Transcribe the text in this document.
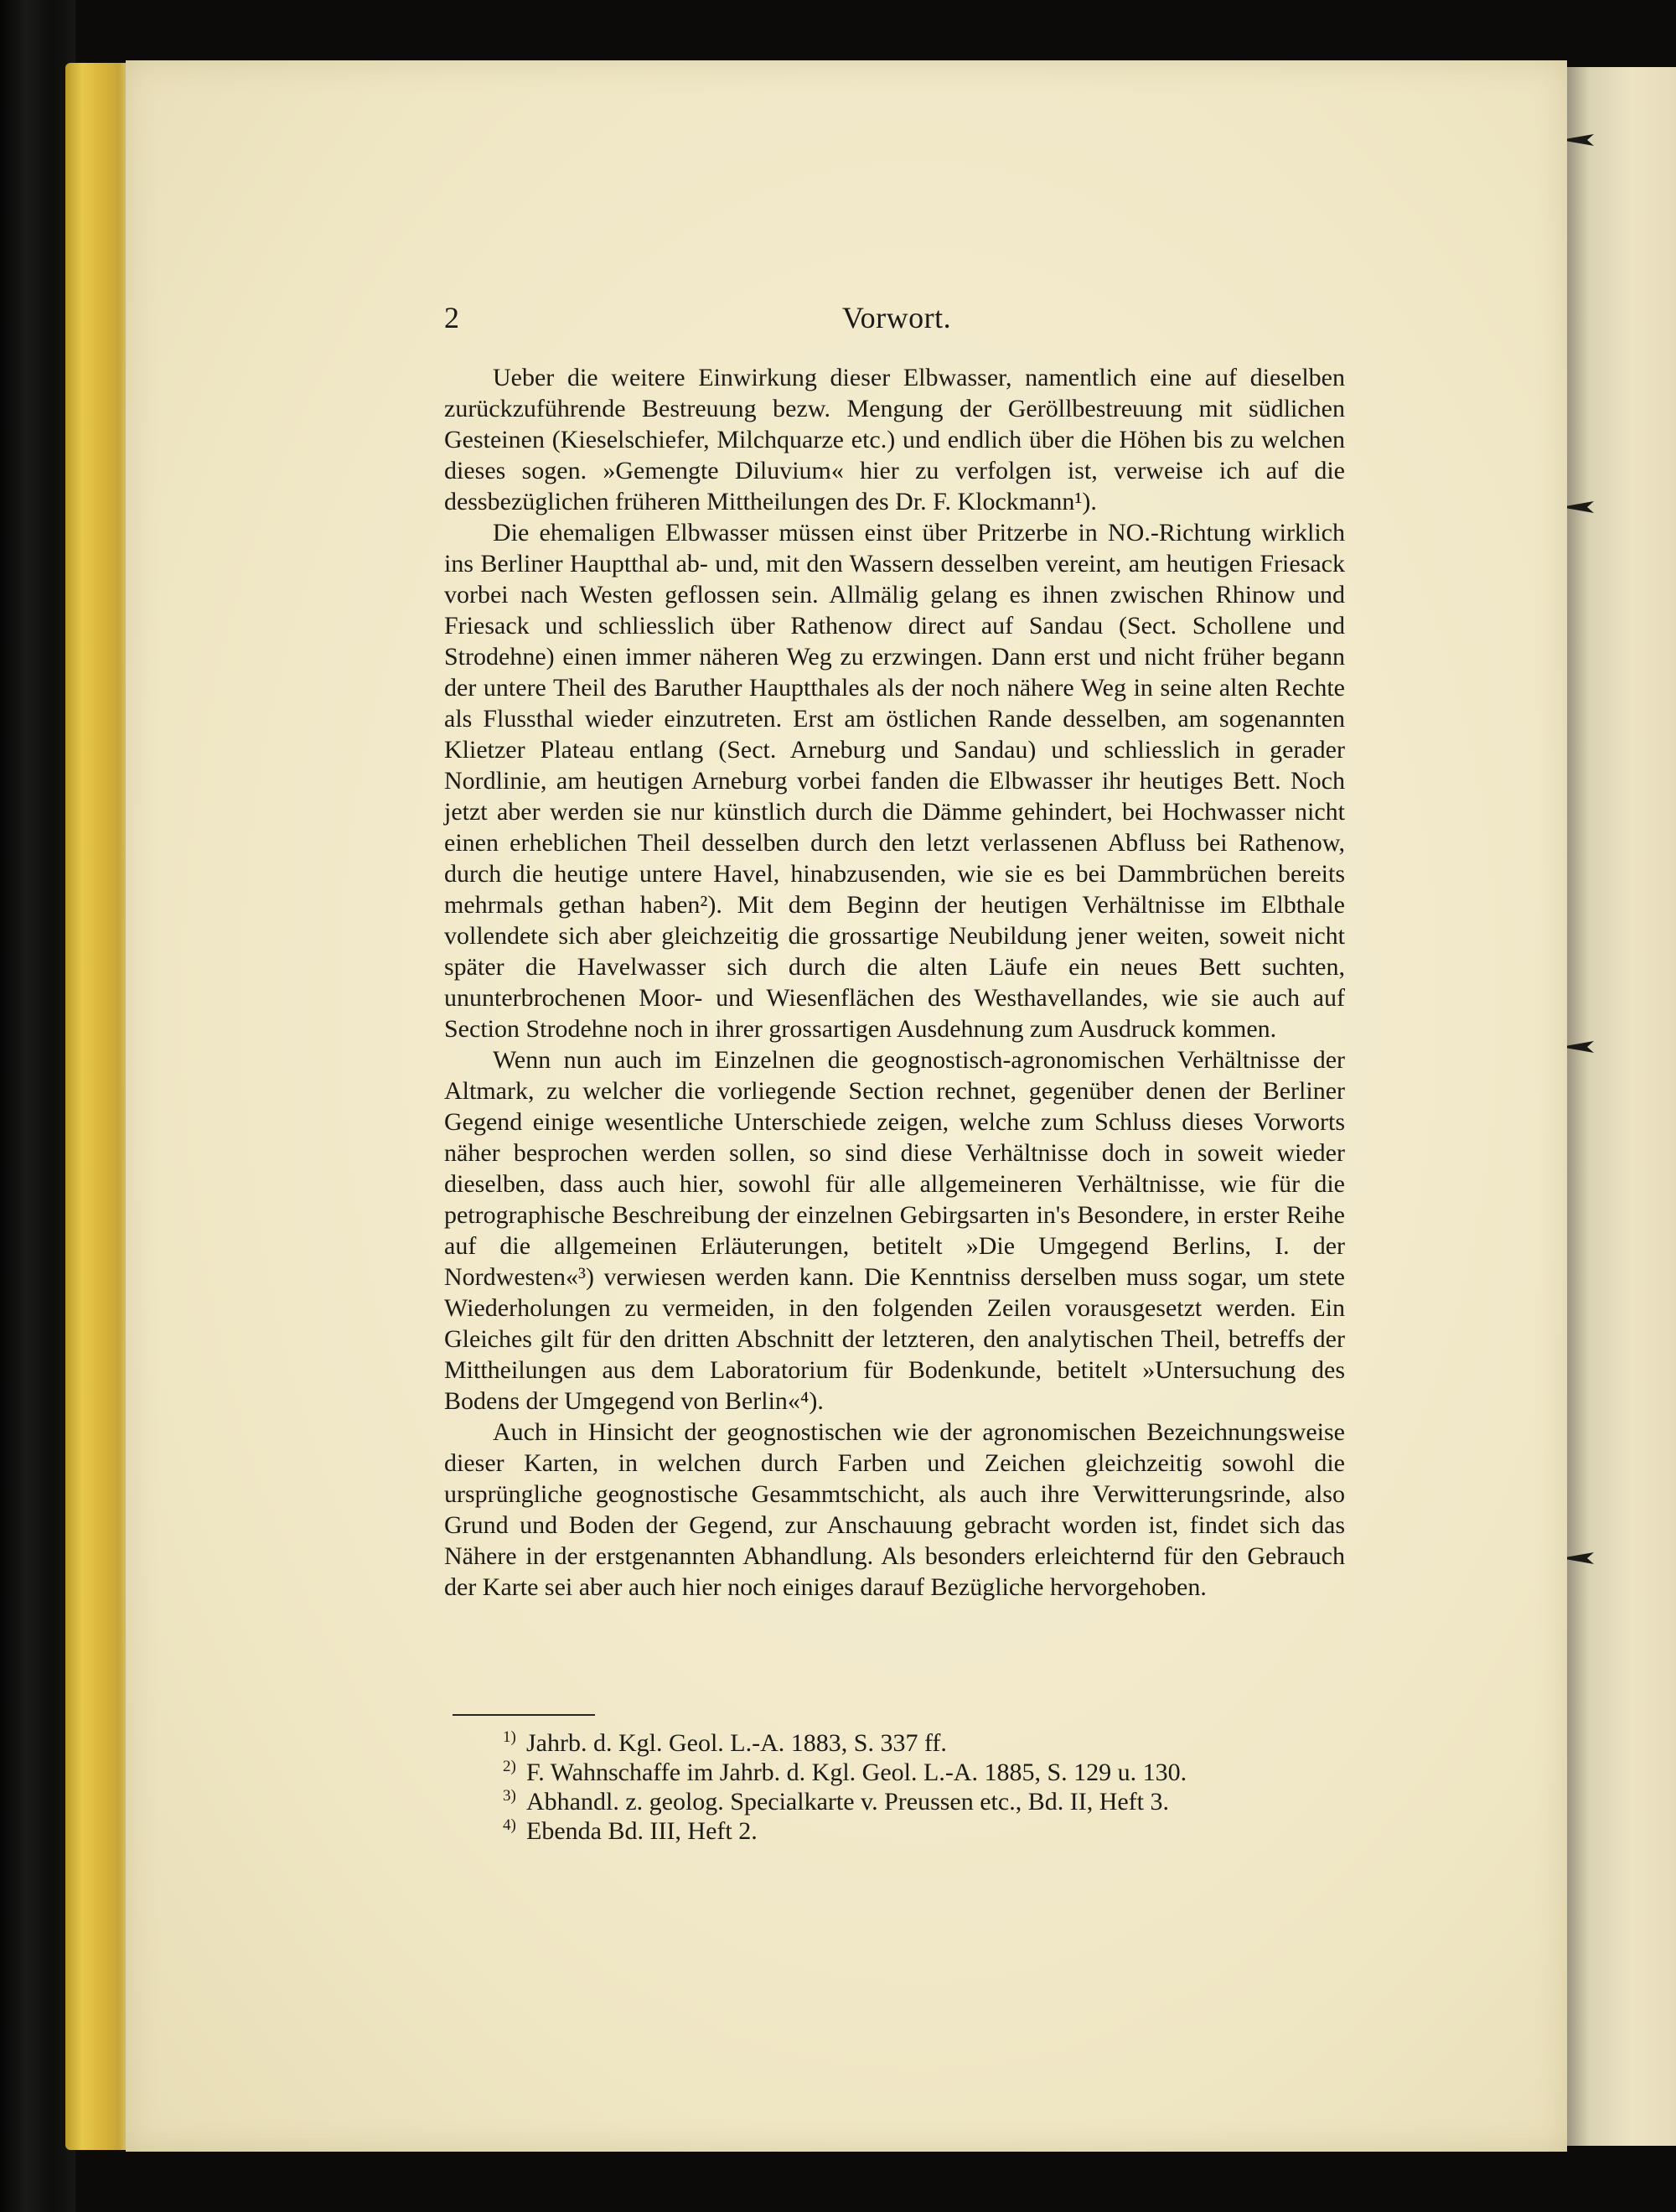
2	Vorwort.

Ueber die weitere Einwirkung dieser Elbwasser, namentlich eine auf dieselben zurückzuführende Bestreuung bezw. Mengung der Geröllbestreuung mit südlichen Gesteinen (Kieselschiefer, Milchquarze etc.) und endlich über die Höhen bis zu welchen dieses sogen. »Gemengte Diluvium« hier zu verfolgen ist, verweise ich auf die dessbezüglichen früheren Mittheilungen des Dr. F. Klockmann¹).

Die ehemaligen Elbwasser müssen einst über Pritzerbe in NO.-Richtung wirklich ins Berliner Hauptthal ab- und, mit den Wassern desselben vereint, am heutigen Friesack vorbei nach Westen geflossen sein. Allmälig gelang es ihnen zwischen Rhinow und Friesack und schliesslich über Rathenow direct auf Sandau (Sect. Schollene und Strodehne) einen immer näheren Weg zu erzwingen. Dann erst und nicht früher begann der untere Theil des Baruther Hauptthales als der noch nähere Weg in seine alten Rechte als Flussthal wieder einzutreten. Erst am östlichen Rande desselben, am sogenannten Klietzer Plateau entlang (Sect. Arneburg und Sandau) und schliesslich in gerader Nordlinie, am heutigen Arneburg vorbei fanden die Elbwasser ihr heutiges Bett. Noch jetzt aber werden sie nur künstlich durch die Dämme gehindert, bei Hochwasser nicht einen erheblichen Theil desselben durch den letzt verlassenen Abfluss bei Rathenow, durch die heutige untere Havel, hinabzusenden, wie sie es bei Dammbrüchen bereits mehrmals gethan haben²). Mit dem Beginn der heutigen Verhältnisse im Elbthale vollendete sich aber gleichzeitig die grossartige Neubildung jener weiten, soweit nicht später die Havelwasser sich durch die alten Läufe ein neues Bett suchten, ununterbrochenen Moor- und Wiesenflächen des Westhavellandes, wie sie auch auf Section Strodehne noch in ihrer grossartigen Ausdehnung zum Ausdruck kommen.

Wenn nun auch im Einzelnen die geognostisch-agronomischen Verhältnisse der Altmark, zu welcher die vorliegende Section rechnet, gegenüber denen der Berliner Gegend einige wesentliche Unterschiede zeigen, welche zum Schluss dieses Vorworts näher besprochen werden sollen, so sind diese Verhältnisse doch in soweit wieder dieselben, dass auch hier, sowohl für alle allgemeineren Verhältnisse, wie für die petrographische Beschreibung der einzelnen Gebirgsarten in's Besondere, in erster Reihe auf die allgemeinen Erläuterungen, betitelt »Die Umgegend Berlins, I. der Nordwesten«³) verwiesen werden kann. Die Kenntniss derselben muss sogar, um stete Wiederholungen zu vermeiden, in den folgenden Zeilen vorausgesetzt werden. Ein Gleiches gilt für den dritten Abschnitt der letzteren, den analytischen Theil, betreffs der Mittheilungen aus dem Laboratorium für Bodenkunde, betitelt »Untersuchung des Bodens der Umgegend von Berlin«⁴).

Auch in Hinsicht der geognostischen wie der agronomischen Bezeichnungsweise dieser Karten, in welchen durch Farben und Zeichen gleichzeitig sowohl die ursprüngliche geognostische Gesammtschicht, als auch ihre Verwitterungsrinde, also Grund und Boden der Gegend, zur Anschauung gebracht worden ist, findet sich das Nähere in der erstgenannten Abhandlung. Als besonders erleichternd für den Gebrauch der Karte sei aber auch hier noch einiges darauf Bezügliche hervorgehoben.

1) Jahrb. d. Kgl. Geol. L.-A. 1883, S. 337 ff.
2) F. Wahnschaffe im Jahrb. d. Kgl. Geol. L.-A. 1885, S. 129 u. 130.
3) Abhandl. z. geolog. Specialkarte v. Preussen etc., Bd. II, Heft 3.
4) Ebenda Bd. III, Heft 2.
